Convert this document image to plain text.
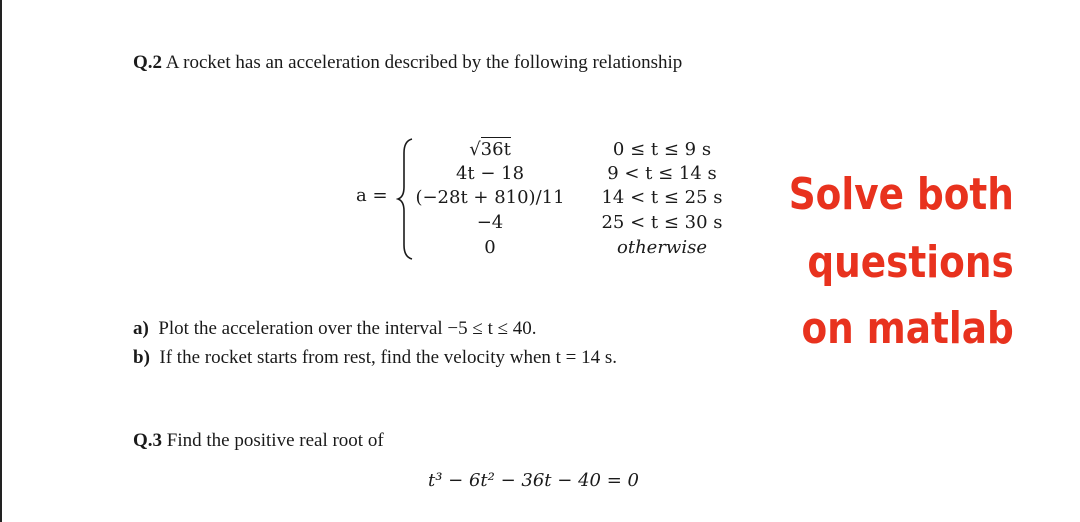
Q.2 A rocket has an acceleration described by the following relationship
a =
√36t
4t − 18
(−28t + 810)/11
−4
0
0 ≤ t ≤ 9 s
9 < t ≤ 14 s
14 < t ≤ 25 s
25 < t ≤ 30 s
otherwise
a) Plot the acceleration over the interval −5 ≤ t ≤ 40.
b) If the rocket starts from rest, find the velocity when t = 14 s.
Q.3 Find the positive real root of
t³ − 6t² − 36t − 40 = 0
Solve both
questions
on matlab
